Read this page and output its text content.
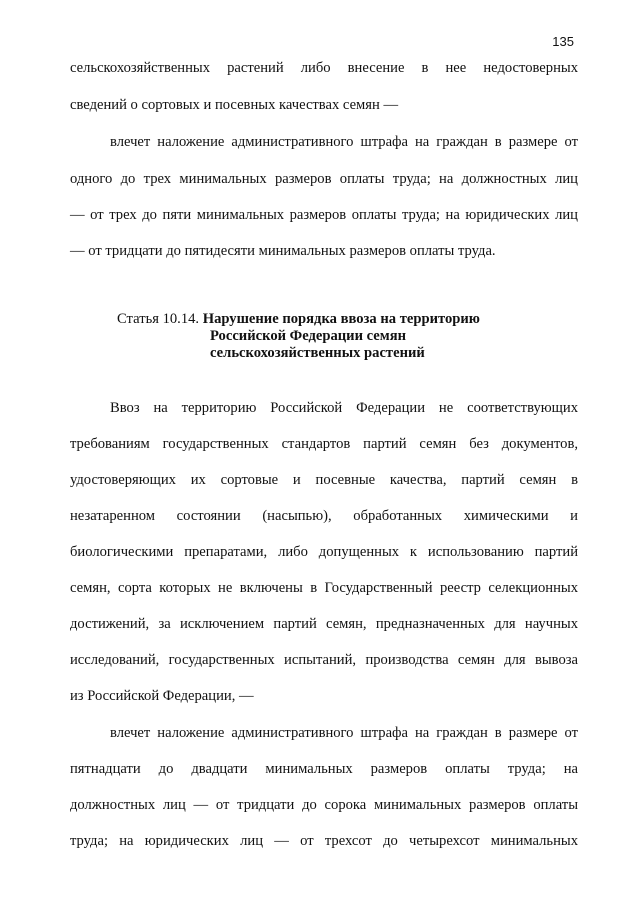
135
сельскохозяйственных растений либо внесение в нее недостоверных
сведений о сортовых и посевных качествах семян —
влечет наложение административного штрафа на граждан в размере от
одного до трех минимальных размеров оплаты труда; на должностных лиц
— от трех до пяти минимальных размеров оплаты труда; на юридических лиц
— от тридцати до пятидесяти минимальных размеров оплаты труда.
Статья 10.14. Нарушение порядка ввоза на территорию
Российской Федерации семян
сельскохозяйственных растений
Ввоз на территорию Российской Федерации не соответствующих
требованиям государственных стандартов партий семян без документов,
удостоверяющих их сортовые и посевные качества, партий семян в
незатаренном состоянии (насыпью), обработанных химическими и
биологическими препаратами, либо допущенных к использованию партий
семян, сорта которых не включены в Государственный реестр селекционных
достижений, за исключением партий семян, предназначенных для научных
исследований, государственных испытаний, производства семян для вывоза
из Российской Федерации, —
влечет наложение административного штрафа на граждан в размере от
пятнадцати до двадцати минимальных размеров оплаты труда; на
должностных лиц — от тридцати до сорока минимальных размеров оплаты
труда; на юридических лиц — от трехсот до четырехсот минимальных
